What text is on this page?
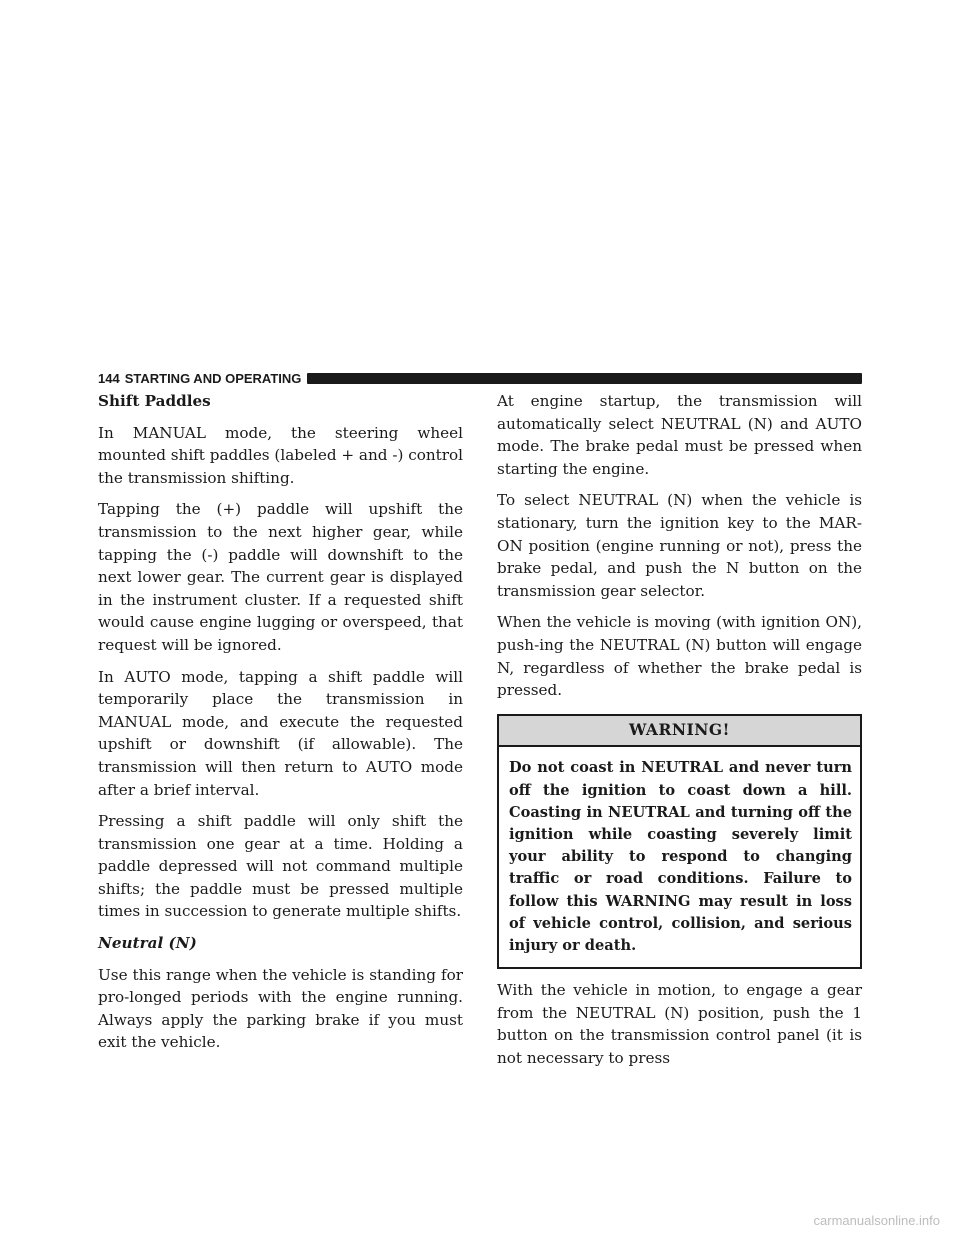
144 STARTING AND OPERATING
Shift Paddles

In MANUAL mode, the steering wheel mounted shift paddles (labeled + and -) control the transmission shifting.

Tapping the (+) paddle will upshift the transmission to the next higher gear, while tapping the (-) paddle will downshift to the next lower gear. The current gear is displayed in the instrument cluster. If a requested shift would cause engine lugging or overspeed, that request will be ignored.

In AUTO mode, tapping a shift paddle will temporarily place the transmission in MANUAL mode, and execute the requested upshift or downshift (if allowable). The transmission will then return to AUTO mode after a brief interval.

Pressing a shift paddle will only shift the transmission one gear at a time. Holding a paddle depressed will not command multiple shifts; the paddle must be pressed multiple times in succession to generate multiple shifts.

Neutral (N)

Use this range when the vehicle is standing for pro-longed periods with the engine running. Always apply the parking brake if you must exit the vehicle.

At engine startup, the transmission will automatically select NEUTRAL (N) and AUTO mode. The brake pedal must be pressed when starting the engine.

To select NEUTRAL (N) when the vehicle is stationary, turn the ignition key to the MAR-ON position (engine running or not), press the brake pedal, and push the N button on the transmission gear selector.

When the vehicle is moving (with ignition ON), push-ing the NEUTRAL (N) button will engage N, regardless of whether the brake pedal is pressed.

WARNING!
Do not coast in NEUTRAL and never turn off the ignition to coast down a hill. Coasting in NEUTRAL and turning off the ignition while coasting severely limit your ability to respond to changing traffic or road conditions. Failure to follow this WARNING may result in loss of vehicle control, collision, and serious injury or death.

With the vehicle in motion, to engage a gear from the NEUTRAL (N) position, push the 1 button on the transmission control panel (it is not necessary to press

carmanualsonline.info
